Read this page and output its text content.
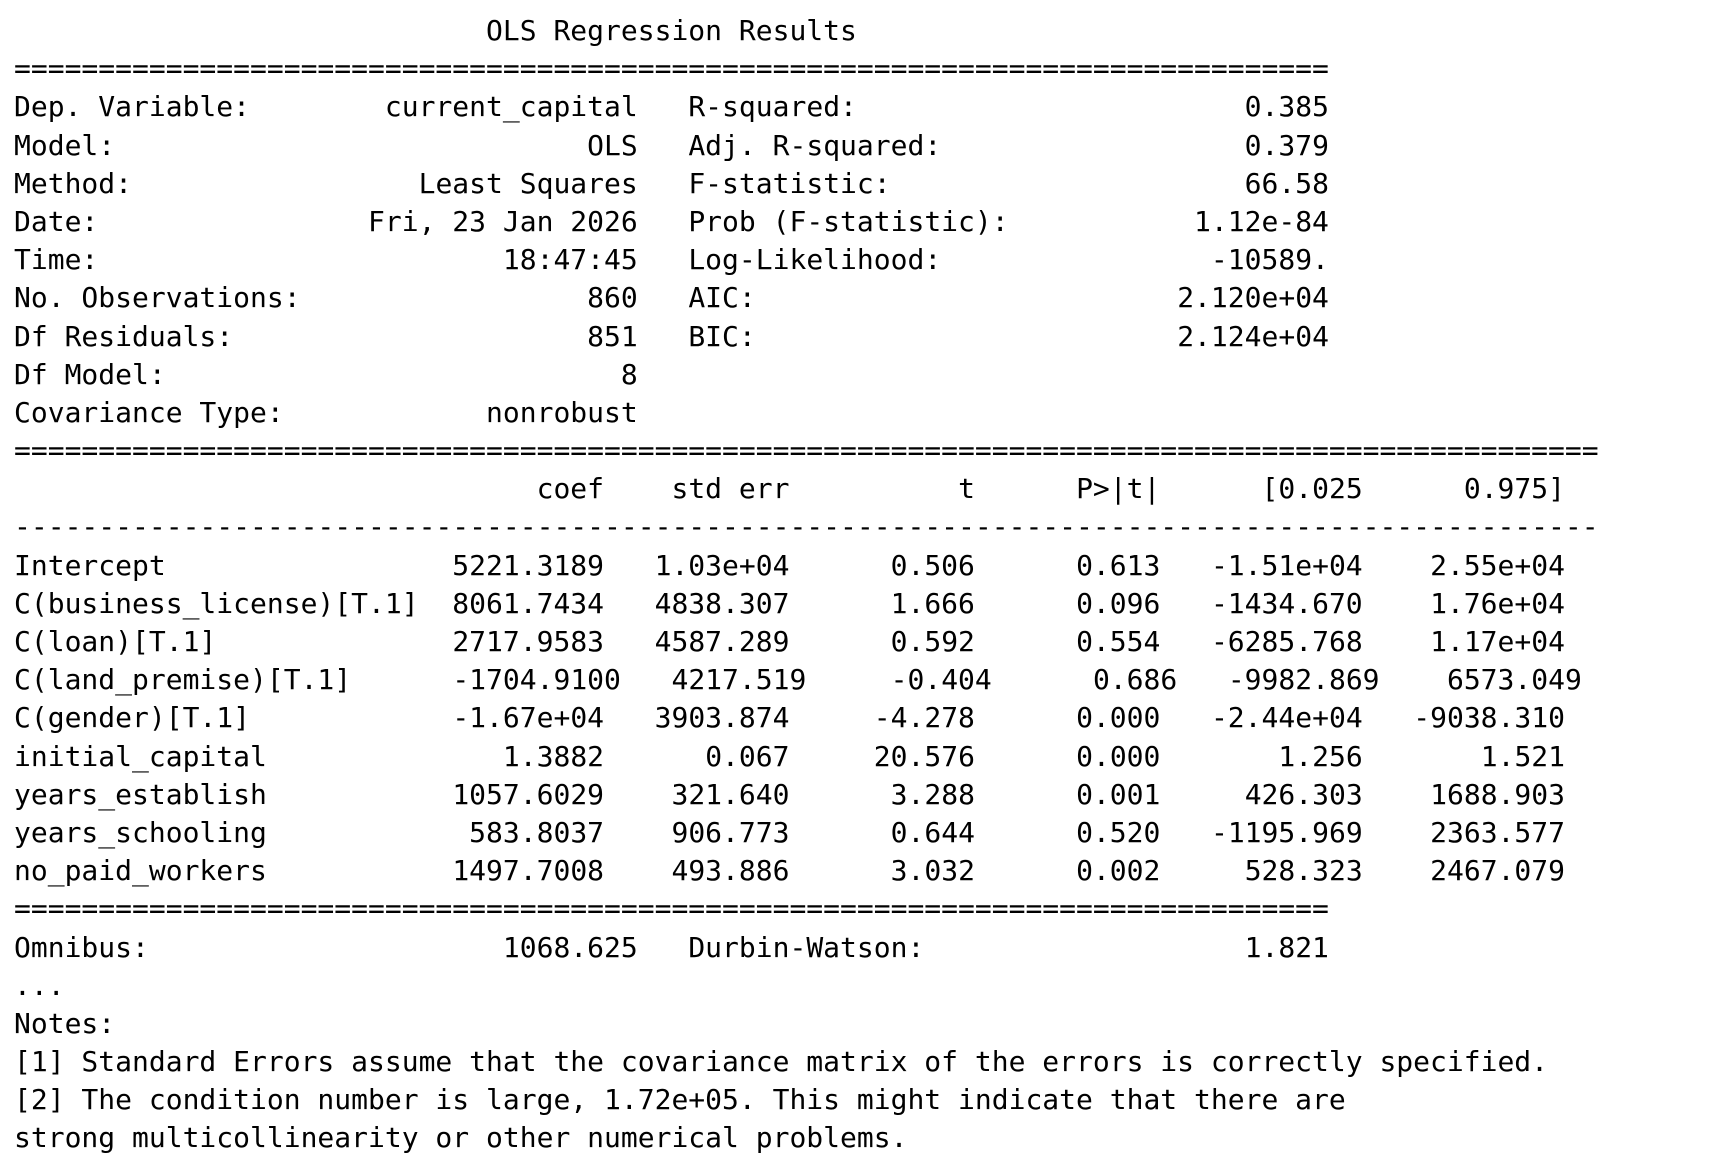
OLS Regression Results
==============================================================================
Dep. Variable:	current_capital R-squared:	0.385
Model:	OLS Adj. R-squared:	0.379
Method:	Least Squares F-statistic:	66.58
Date:	Fri, 23 Jan 2026 Prob (F-statistic):	1.12e-84
Time:	18:47:45 Log-Likelihood:	-10589.
No. Observations:	860 AIC:	2.120e+04
Df Residuals:	851 BIC:	2.124e+04
Df Model:	8
Covariance Type:	nonrobust
==============================================================================================
coef std err	t	P>|t|	[0.025	0.975]
----------------------------------------------------------------------------------------------
Intercept	5221.3189 1.03e+04	0.506	0.613 -1.51e+04 2.55e+04
C(business_license)[T.1] 8061.7434 4838.307	1.666	0.096 -1434.670 1.76e+04
C(loan)[T.1]	2717.9583 4587.289	0.592	0.554 -6285.768 1.17e+04
C(land_premise)[T.1]	-1704.9100 4217.519	-0.404	0.686 -9982.869 6573.049
C(gender)[T.1]	-1.67e+04 3903.874	-4.278	0.000 -2.44e+04 -9038.310
initial_capital	1.3882	0.067	20.576	0.000	1.256	1.521
years_establish	1057.6029 321.640	3.288	0.001	426.303 1688.903
years_schooling	583.8037 906.773	0.644	0.520 -1195.969 2363.577
no_paid_workers	1497.7008 493.886	3.032	0.002	528.323 2467.079
==============================================================================
Omnibus:	1068.625 Durbin-Watson:	1.821
...
Notes:
[1] Standard Errors assume that the covariance matrix of the errors is correctly specified.
[2] The condition number is large, 1.72e+05. This might indicate that there are
strong multicollinearity or other numerical problems.
